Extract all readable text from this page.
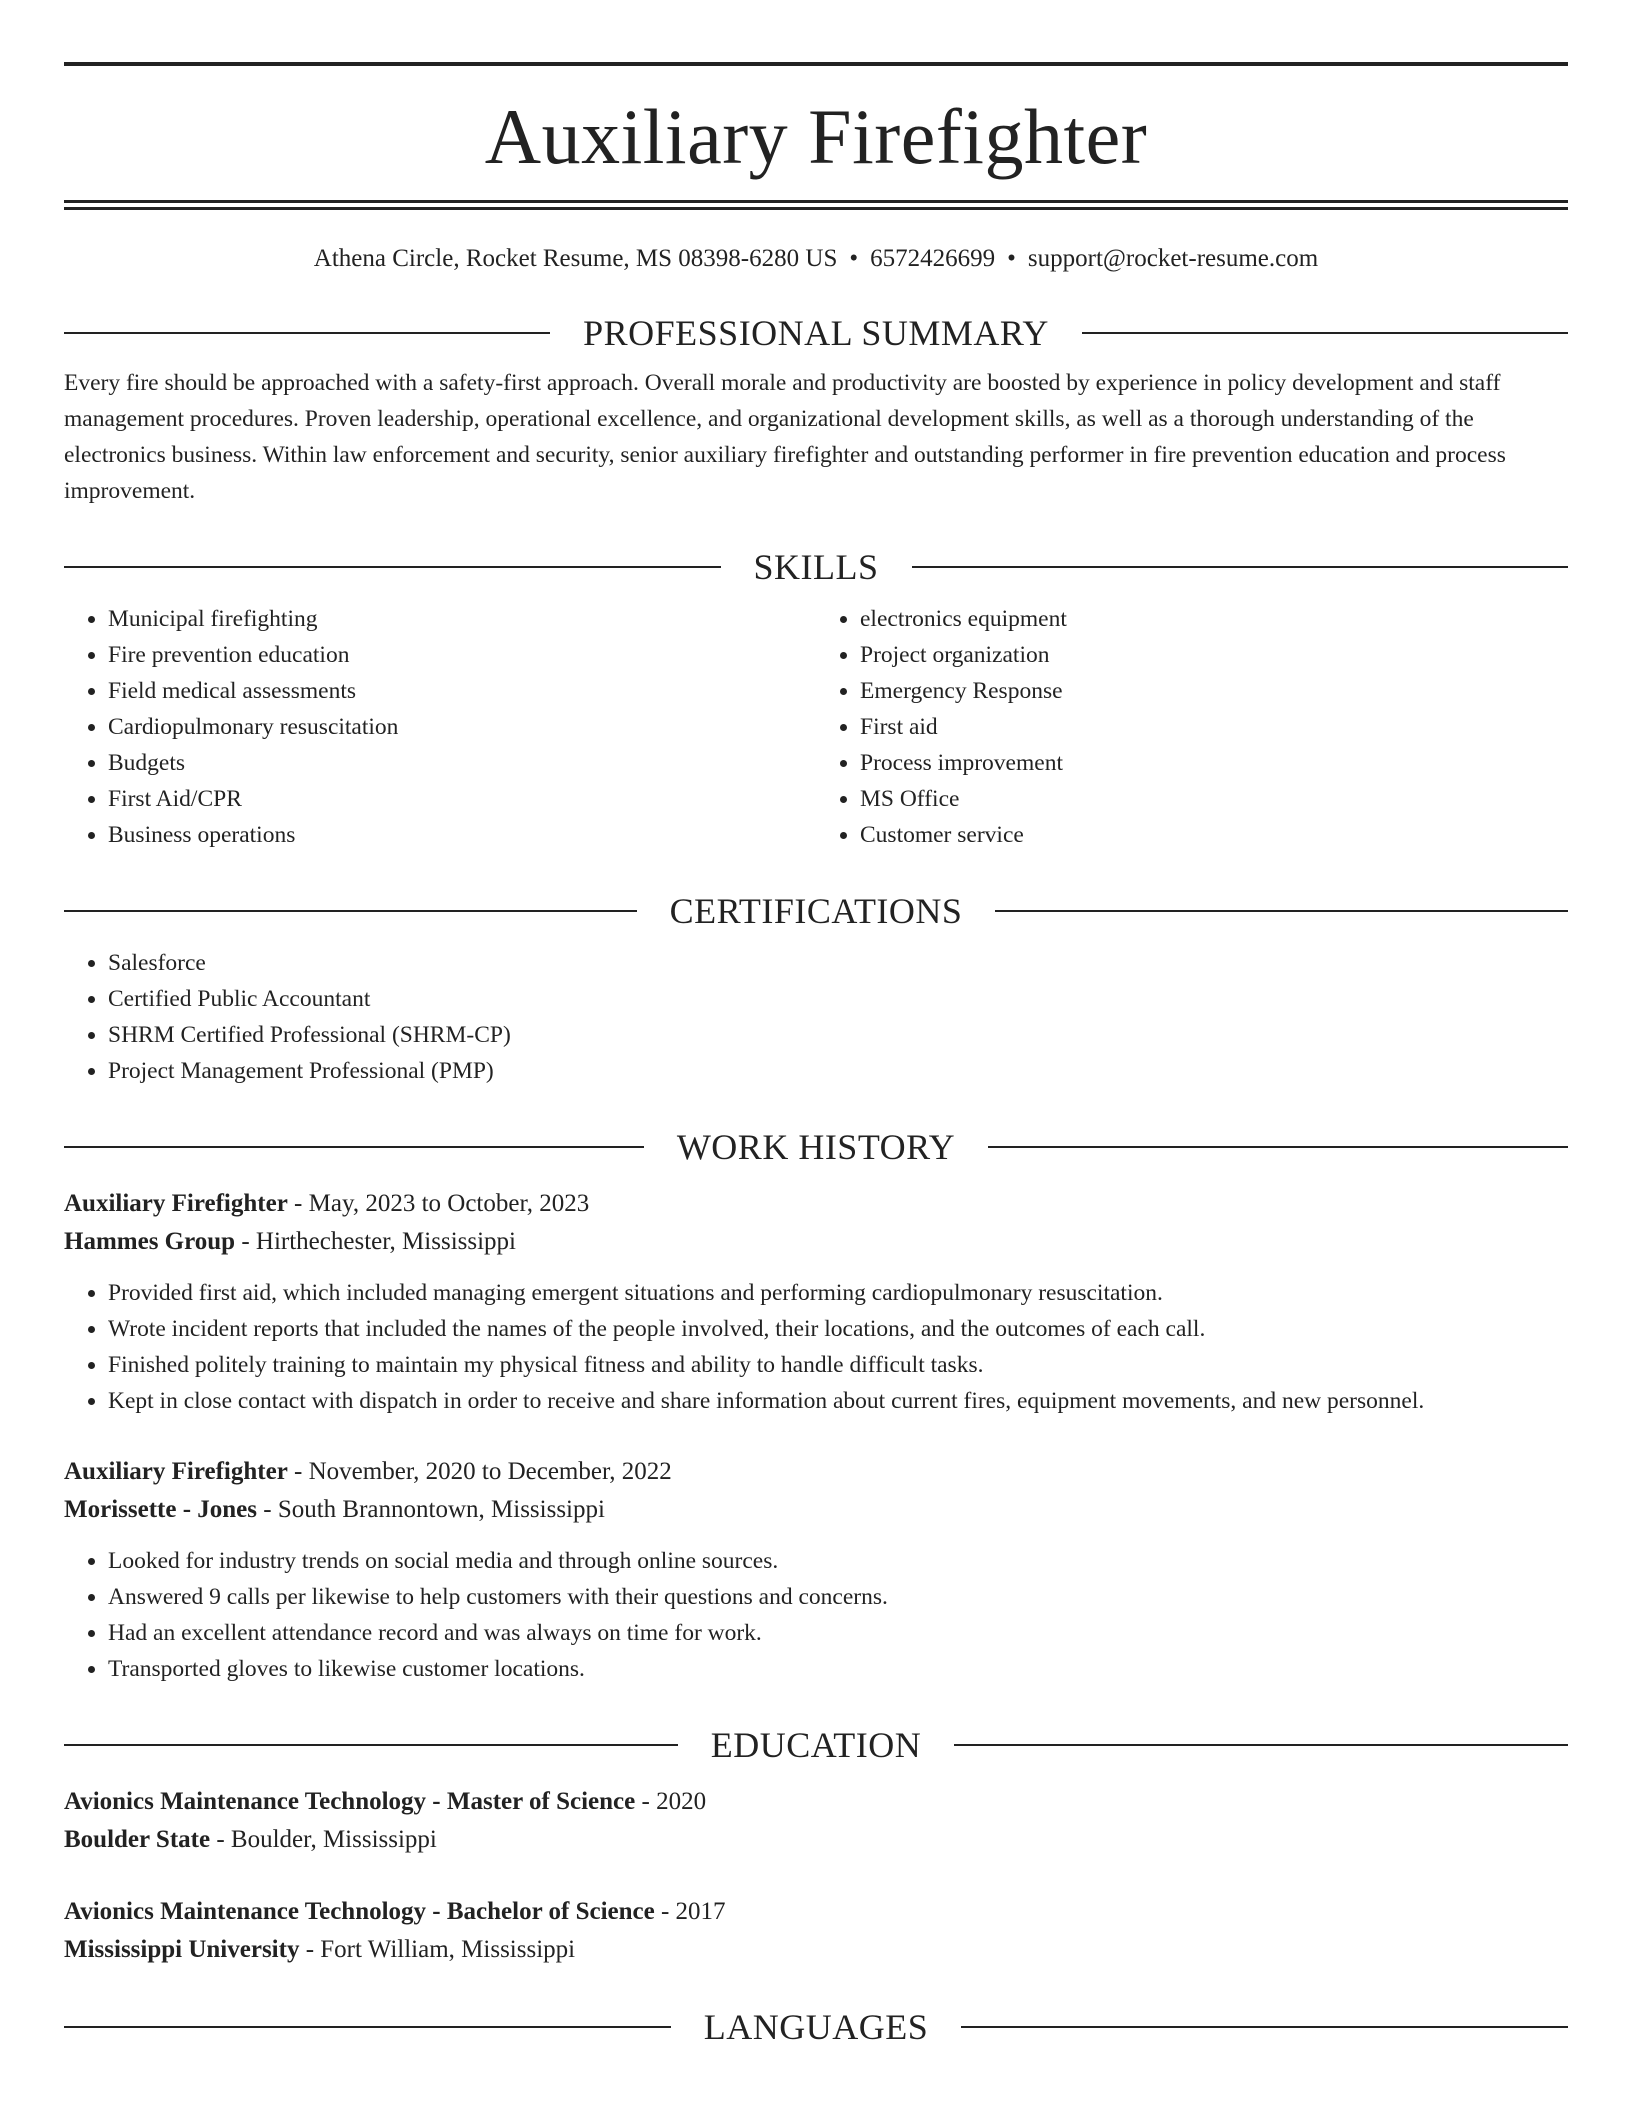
Auxiliary Firefighter
Athena Circle, Rocket Resume, MS 08398-6280 US • 6572426699 • support@rocket-resume.com
PROFESSIONAL SUMMARY

Every fire should be approached with a safety-first approach. Overall morale and productivity are boosted by experience in policy development and staff management procedures. Proven leadership, operational excellence, and organizational development skills, as well as a thorough understanding of the electronics business. Within law enforcement and security, senior auxiliary firefighter and outstanding performer in fire prevention education and process improvement.

SKILLS
• Municipal firefighting
• Fire prevention education
• Field medical assessments
• Cardiopulmonary resuscitation
• Budgets
• First Aid/CPR
• Business operations
• electronics equipment
• Project organization
• Emergency Response
• First aid
• Process improvement
• MS Office
• Customer service
CERTIFICATIONS
• Salesforce
• Certified Public Accountant
• SHRM Certified Professional (SHRM-CP)
• Project Management Professional (PMP)
WORK HISTORY
Auxiliary Firefighter - May, 2023 to October, 2023
Hammes Group - Hirthechester, Mississippi
• Provided first aid, which included managing emergent situations and performing cardiopulmonary resuscitation.
• Wrote incident reports that included the names of the people involved, their locations, and the outcomes of each call.
• Finished politely training to maintain my physical fitness and ability to handle difficult tasks.
• Kept in close contact with dispatch in order to receive and share information about current fires, equipment movements, and new personnel.
Auxiliary Firefighter - November, 2020 to December, 2022
Morissette - Jones - South Brannontown, Mississippi
• Looked for industry trends on social media and through online sources.
• Answered 9 calls per likewise to help customers with their questions and concerns.
• Had an excellent attendance record and was always on time for work.
• Transported gloves to likewise customer locations.
EDUCATION
Avionics Maintenance Technology - Master of Science - 2020
Boulder State - Boulder, Mississippi
Avionics Maintenance Technology - Bachelor of Science - 2017
Mississippi University - Fort William, Mississippi
LANGUAGES
